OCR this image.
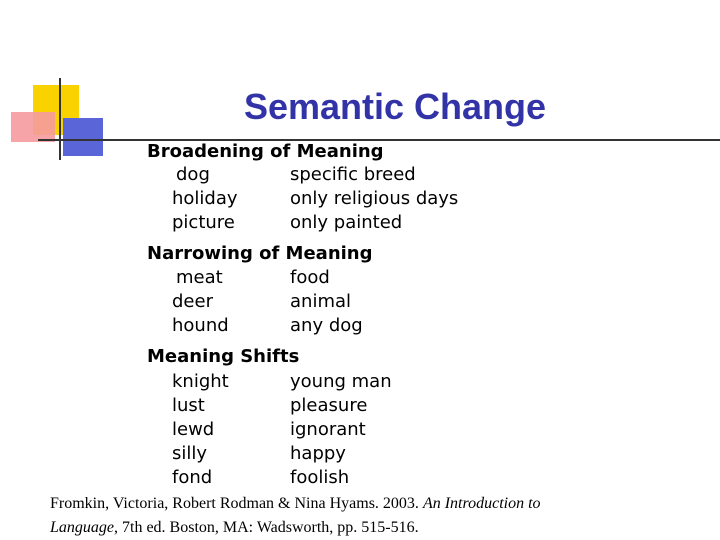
Semantic Change
Broadening of Meaning
dog	specific breed
holiday	only religious days
picture	only painted
Narrowing of Meaning
meat	food
deer	animal
hound	any dog
Meaning Shifts
knight	young man
lust	pleasure
lewd	ignorant
silly	happy
fond	foolish
Fromkin, Victoria, Robert Rodman & Nina Hyams. 2003. An Introduction to
Language, 7th ed. Boston, MA: Wadsworth, pp. 515-516.
